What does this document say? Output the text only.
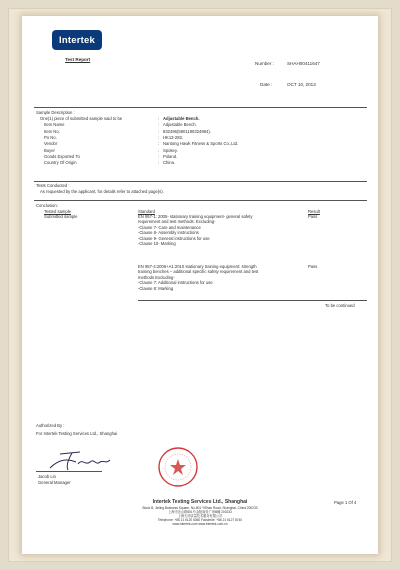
Intertek
Test Report
Number :	SHAH00411647
Date :	OCT 10, 2013
Sample Description :
One(1) piece of submitted sample said to be	: Adjustable Bench.
Item Name	: Adjustable Bench.
Item No.	: 832496(5901180324984).
Po No.	: HK13-283.
Vendor	: Nantong Hawk Fitness & Sports Co.,Ltd.
Buyer	: Spokey.
Goods Exported To	: Poland.
Country Of Origin	: China.
Tests Conducted :
As requested by the applicant, for details refer to attached page(s).
Conclusion:
Tested sample	Standard	Result
Submitted sample	EN 957-1: 2005- stationary training equipment- general safety
requirement and test methods. Excluding-
-Clause 7- Care and maintenance
-Clause 8- Assembly instructions
-Clause 9- General instructions for use
-Clause 10- Marking
Pass
EN 957-4:2006+A1:2010 stationary training equipment: strength
training benches – additional specific safety requirement and test
methods Excluding-
-Clause 7: Additional instructions for use
-Clause 8: Marking
Pass
To be continued
Authorized By :
For Intertek Testing Services Ltd., Shanghai
Jacob Lin
General Manager
Intertek Testing Services Ltd., Shanghai
Block B, Jinling Business Square, No.801 YiShan Road, Shanghai, China 200233
上海市宜山路801号金陵商务广场B幢 200233
上海天祥质量技术服务有限公司
Telephone: +86 21 6120 6060 Facsimile: +86 21 6127 8740
www.intertek.com www.intertek.com.cn
Page 1 Of 4
